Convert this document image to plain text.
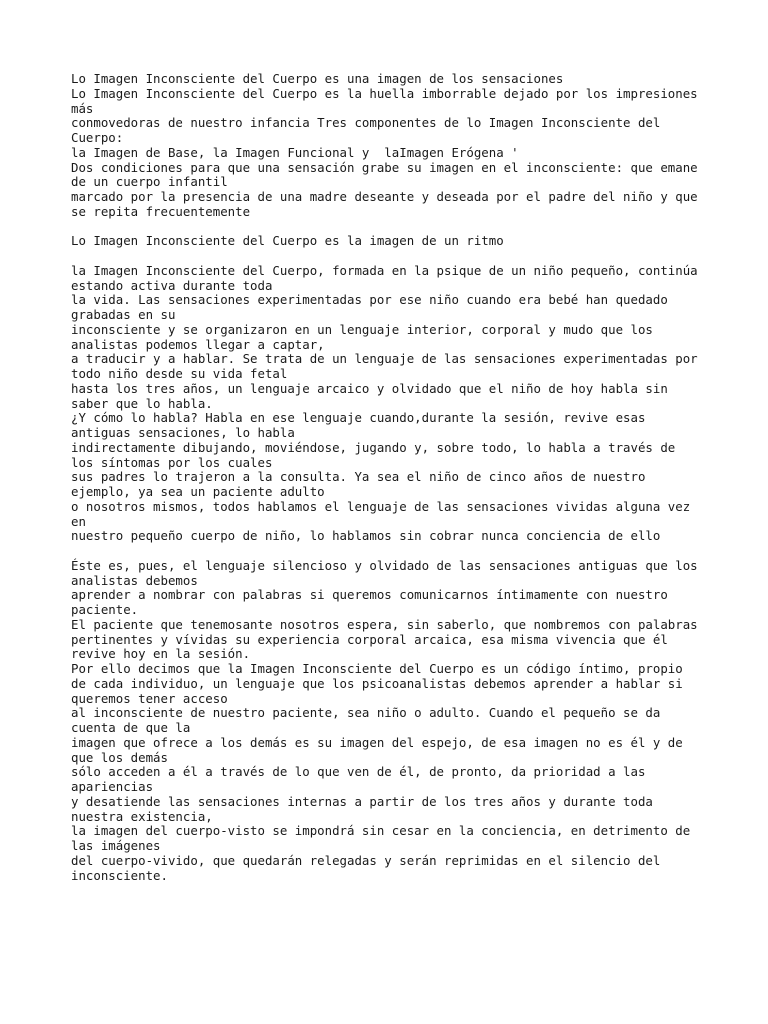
Lo Imagen Inconsciente del Cuerpo es una imagen de los sensaciones
Lo Imagen Inconsciente del Cuerpo es la huella imborrable dejado por los impresiones más
conmovedoras de nuestro infancia Tres componentes de lo Imagen Inconsciente del Cuerpo:
la Imagen de Base, la Imagen Funcional y  laImagen Erógena '
Dos condiciones para que una sensación grabe su imagen en el inconsciente: que emane de un cuerpo infantil
marcado por la presencia de una madre deseante y deseada por el padre del niño y que se repita frecuentemente
Lo Imagen Inconsciente del Cuerpo es la imagen de un ritmo
la Imagen Inconsciente del Cuerpo, formada en la psique de un niño pequeño, continúa estando activa durante toda
la vida. Las sensaciones experimentadas por ese niño cuando era bebé han quedado grabadas en su
inconsciente y se organizaron en un lenguaje interior, corporal y mudo que los analistas podemos llegar a captar,
a traducir y a hablar. Se trata de un lenguaje de las sensaciones experimentadas por todo niño desde su vida fetal
hasta los tres años, un lenguaje arcaico y olvidado que el niño de hoy habla sin saber que lo habla.
¿Y cómo lo habla? Habla en ese lenguaje cuando,durante la sesión, revive esas antiguas sensaciones, lo habla
indirectamente dibujando, moviéndose, jugando y, sobre todo, lo habla a través de los síntomas por los cuales
sus padres lo trajeron a la consulta. Ya sea el niño de cinco años de nuestro ejemplo, ya sea un paciente adulto
o nosotros mismos, todos hablamos el lenguaje de las sensaciones vividas alguna vez en
nuestro pequeño cuerpo de niño, lo hablamos sin cobrar nunca conciencia de ello
Éste es, pues, el lenguaje silencioso y olvidado de las sensaciones antiguas que los analistas debemos
aprender a nombrar con palabras si queremos comunicarnos íntimamente con nuestro paciente.
El paciente que tenemosante nosotros espera, sin saberlo, que nombremos con palabras
pertinentes y vívidas su experiencia corporal arcaica, esa misma vivencia que él revive hoy en la sesión.
Por ello decimos que la Imagen Inconsciente del Cuerpo es un código íntimo, propio de cada individuo, un lenguaje que los psicoanalistas debemos aprender a hablar si queremos tener acceso
al inconsciente de nuestro paciente, sea niño o adulto. Cuando el pequeño se da cuenta de que la
imagen que ofrece a los demás es su imagen del espejo, de esa imagen no es él y de que los demás
sólo acceden a él a través de lo que ven de él, de pronto, da prioridad a las apariencias
y desatiende las sensaciones internas a partir de los tres años y durante toda nuestra existencia,
la imagen del cuerpo-visto se impondrá sin cesar en la conciencia, en detrimento de las imágenes
del cuerpo-vivido, que quedarán relegadas y serán reprimidas en el silencio del inconsciente.
